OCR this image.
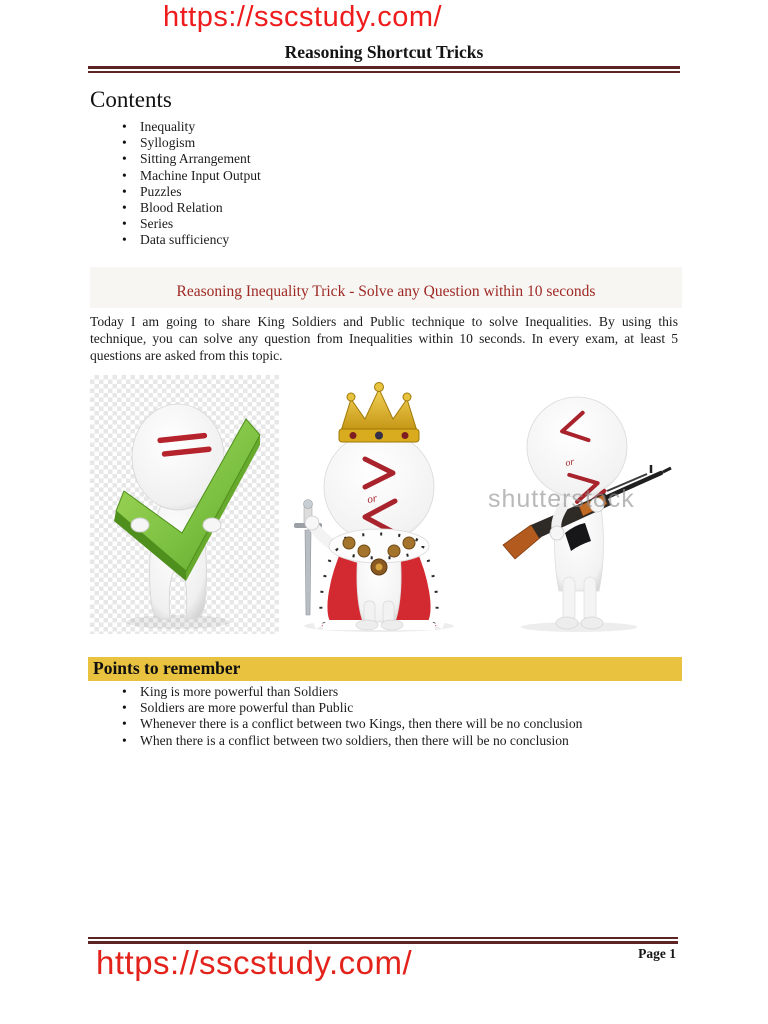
https://sscstudy.com/
Reasoning Shortcut Tricks
Contents
• Inequality
• Syllogism
• Sitting Arrangement
• Machine Input Output
• Puzzles
• Blood Relation
• Series
• Data sufficiency
Reasoning Inequality Trick - Solve any Question within 10 seconds

Today I am going to share King Soldiers and Public technique to solve Inequalities. By using this technique, you can solve any question from Inequalities within 10 seconds. In every exam, at least 5 questions are asked from this topic.

or
or
shutterstock
Points to remember
• King is more powerful than Soldiers
• Soldiers are more powerful than Public
• Whenever there is a conflict between two Kings, then there will be no conclusion
• When there is a conflict between two soldiers, then there will be no conclusion
Page 1
https://sscstudy.com/
